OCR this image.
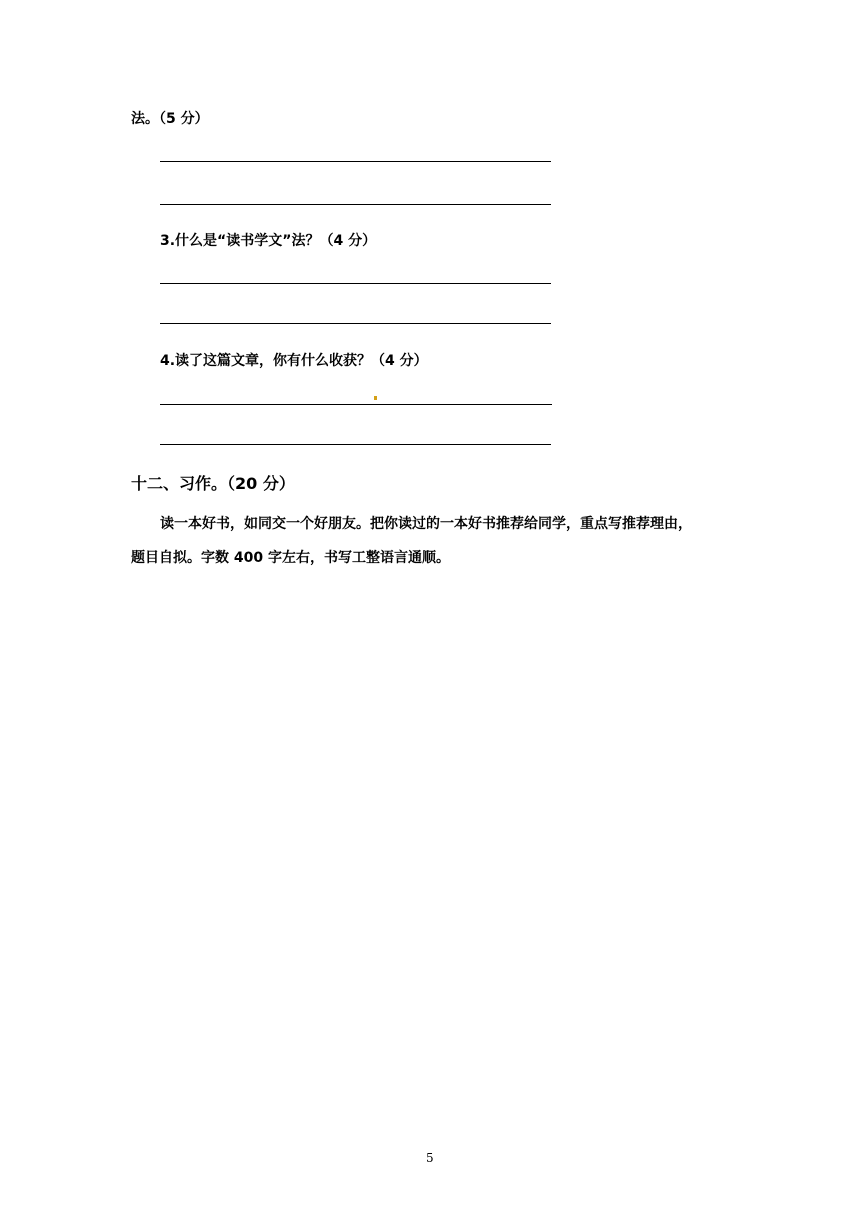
法。（5 分）
3.什么是“读书学文”法？（4 分）
4.读了这篇文章，你有什么收获？（4 分）
十二、习作。（20 分）
读一本好书，如同交一个好朋友。把你读过的一本好书推荐给同学，重点写推荐理由，
题目自拟。字数 400 字左右，书写工整语言通顺。
5
